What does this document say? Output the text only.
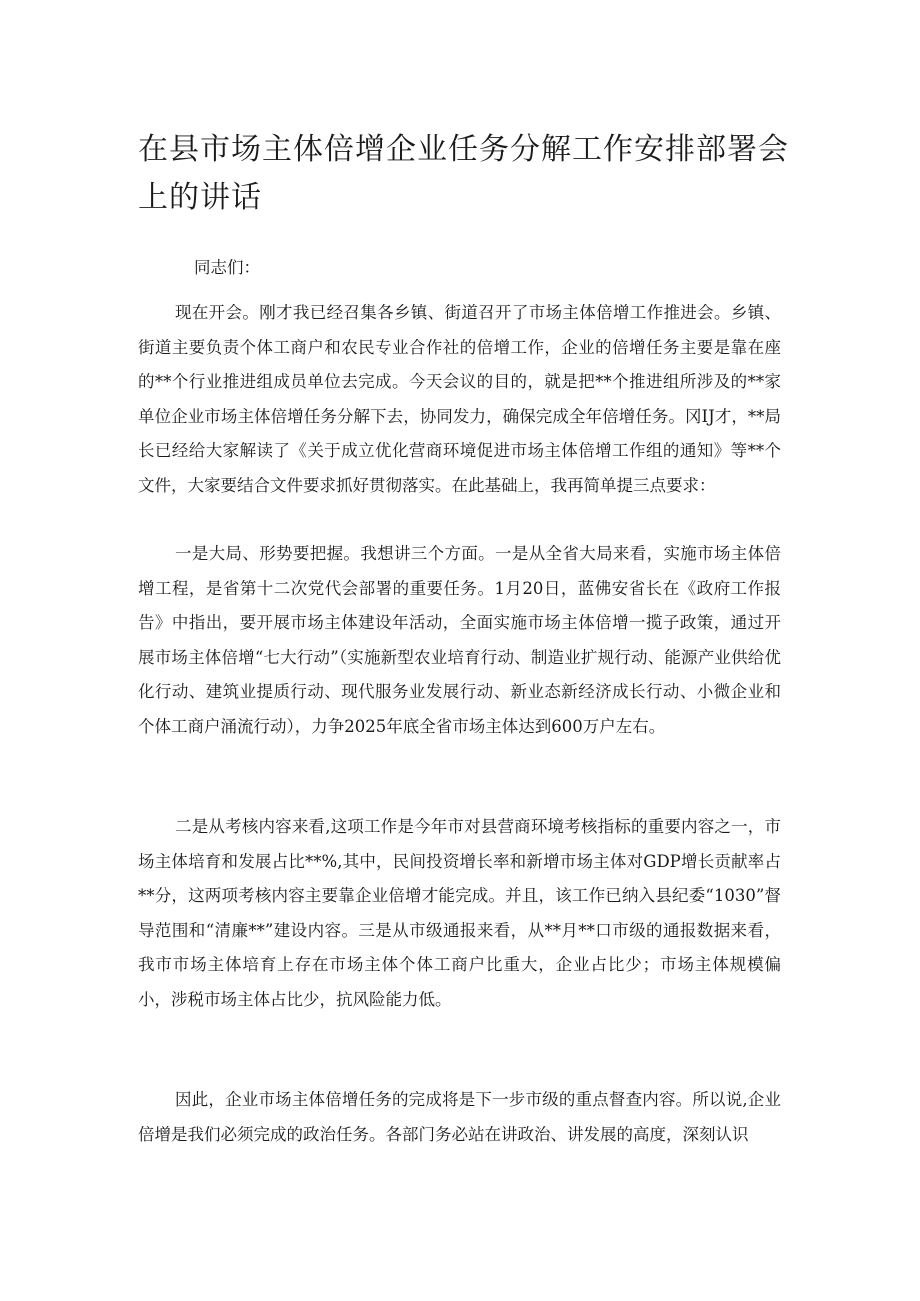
在县市场主体倍增企业任务分解工作安排部署会上的讲话

同志们：

现在开会。刚才我已经召集各乡镇、街道召开了市场主体倍增工作推进会。乡镇、街道主要负责个体工商户和农民专业合作社的倍增工作，企业的倍增任务主要是靠在座的**个行业推进组成员单位去完成。今天会议的目的，就是把**个推进组所涉及的**家单位企业市场主体倍增任务分解下去，协同发力，确保完成全年倍增任务。冈IJ才，**局长已经给大家解读了《关于成立优化营商环境促进市场主体倍增工作组的通知》等**个文件，大家要结合文件要求抓好贯彻落实。在此基础上，我再简单提三点要求：

一是大局、形势要把握。我想讲三个方面。一是从全省大局来看，实施市场主体倍增工程，是省第十二次党代会部署的重要任务。1月20日，蓝佛安省长在《政府工作报告》中指出，要开展市场主体建设年活动，全面实施市场主体倍增一揽子政策，通过开展市场主体倍增“七大行动”（实施新型农业培育行动、制造业扩规行动、能源产业供给优化行动、建筑业提质行动、现代服务业发展行动、新业态新经济成长行动、小微企业和个体工商户涌流行动），力争2025年底全省市场主体达到600万户左右。

二是从考核内容来看,这项工作是今年市对县营商环境考核指标的重要内容之一，市场主体培育和发展占比**%,其中，民间投资增长率和新增市场主体对GDP增长贡献率占**分，这两项考核内容主要靠企业倍增才能完成。并且，该工作已纳入县纪委“1030”督导范围和“清廉**”建设内容。三是从市级通报来看，从**月**口市级的通报数据来看，我市市场主体培育上存在市场主体个体工商户比重大，企业占比少；市场主体规模偏小，涉税市场主体占比少，抗风险能力低。

因此，企业市场主体倍增任务的完成将是下一步市级的重点督查内容。所以说,企业倍增是我们必须完成的政治任务。各部门务必站在讲政治、讲发展的高度，深刻认识
